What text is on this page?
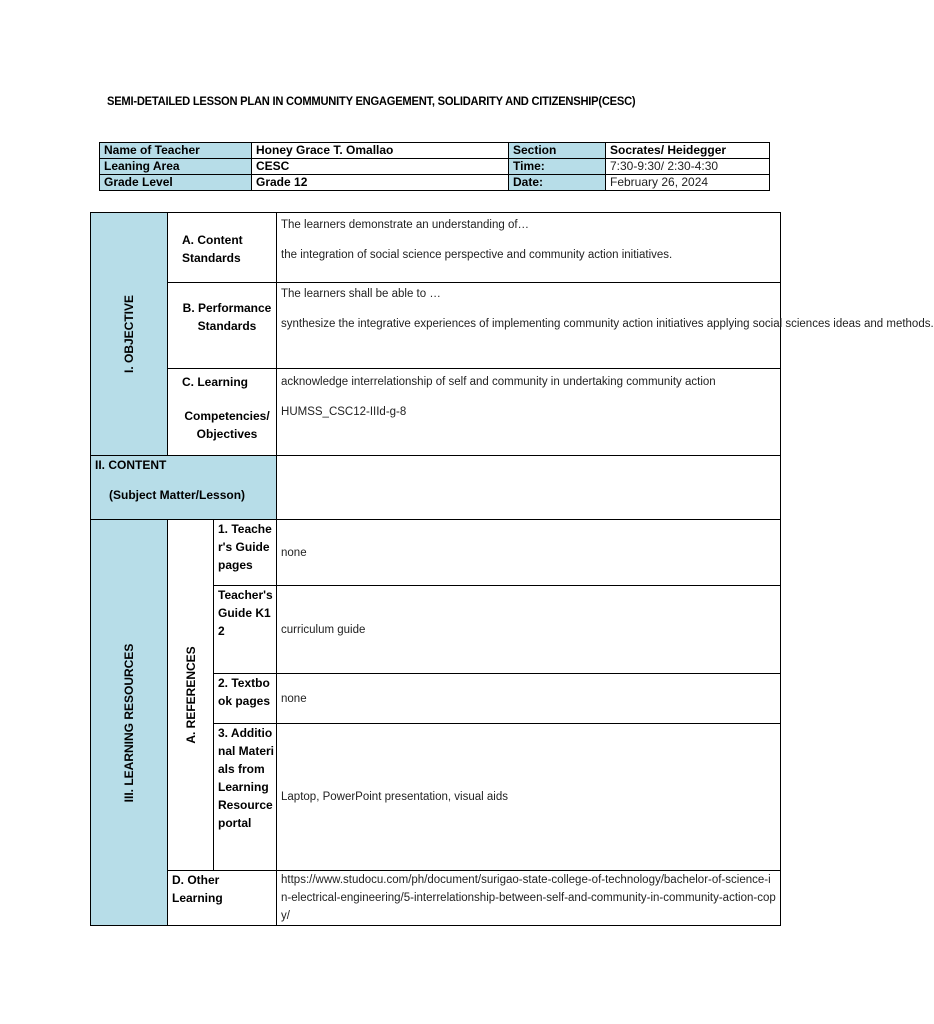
SEMI-DETAILED LESSON PLAN IN COMMUNITY ENGAGEMENT, SOLIDARITY AND CITIZENSHIP(CESC)
Name of Teacher	Honey Grace T. Omallao	Section	Socrates/ Heidegger
Leaning Area	CESC	Time:	7:30-9:30/ 2:30-4:30
Grade Level	Grade 12	Date:	February 26, 2024
I. OBJECTIVE	A. Content Standards		The learners demonstrate an understanding of…
the integration of social science perspective and community action initiatives.

	B. Performance Standards		The learners shall be able to …
synthesize the integrative experiences of implementing community action initiatives applying social sciences ideas and methods.

	C. Learning
Competencies/ Objectives		acknowledge interrelationship of self and community in undertaking community action
HUMSS_CSC12-IIId-g-8

II. CONTENT
(Subject Matter/Lesson)			

III. LEARNING RESOURCES	A. REFERENCES	1. Teacher's Guide pages	none
		Teacher's Guide K12	curriculum guide
		2. Textbook pages	none
		3. Additional Materials from Learning Resource portal	Laptop, PowerPoint presentation, visual aids
	D. Other Learning		https://www.studocu.com/ph/document/surigao-state-college-of-technology/bachelor-of-science-in-electrical-engineering/5-interrelationship-between-self-and-community-in-community-action-copy/
